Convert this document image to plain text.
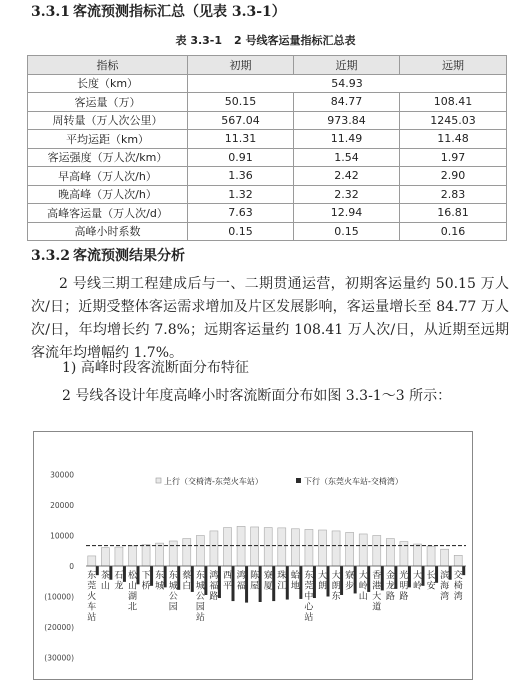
3.3.1 客流预测指标汇总（见表 3.3-1）
表 3.3-1 2 号线客运量指标汇总表
指标	初期	近期	远期
长度（km）	54.93		
客运量（万）	50.15	84.77	108.41
周转量（万人次公里）	567.04	973.84	1245.03
平均运距（km）	11.31	11.49	11.48
客运强度（万人次/km）	0.91	1.54	1.97
早高峰（万人次/h）	1.36	2.42	2.90
晚高峰（万人次/h）	1.32	2.32	2.83
高峰客运量（万人次/d）	7.63	12.94	16.81
高峰小时系数	0.15	0.15	0.16
3.3.2 客流预测结果分析
2 号线三期工程建成后与一、二期贯通运营，初期客运量约 50.15 万人次/日；近期受整体客运需求增加及片区发展影响，客运量增长至 84.77 万人次/日，年均增长约 7.8%；远期客运量约 108.41 万人次/日，从近期至远期客流年均增幅约 1.7%。
1) 高峰时段客流断面分布特征
2 号线各设计年度高峰小时客流断面分布如图 3.3-1～3 所示：
30000
20000
10000
0
(10000)
(20000)
(30000)
上行（交椅湾-东莞火车站）	下行（东莞火车站-交椅湾）
东莞火车站
茶山
石龙
松山湖北
下桥
东城
东城公园
蔡白
东城公园站
鸿福路
西平
鸿福
陈屋
寮厦
珠江
蛤地
东莞中心站
大朗
大朗东
寮步
大岭山
香港大道
金龙路
光明路
大岭
长安
滨海湾
交椅湾
